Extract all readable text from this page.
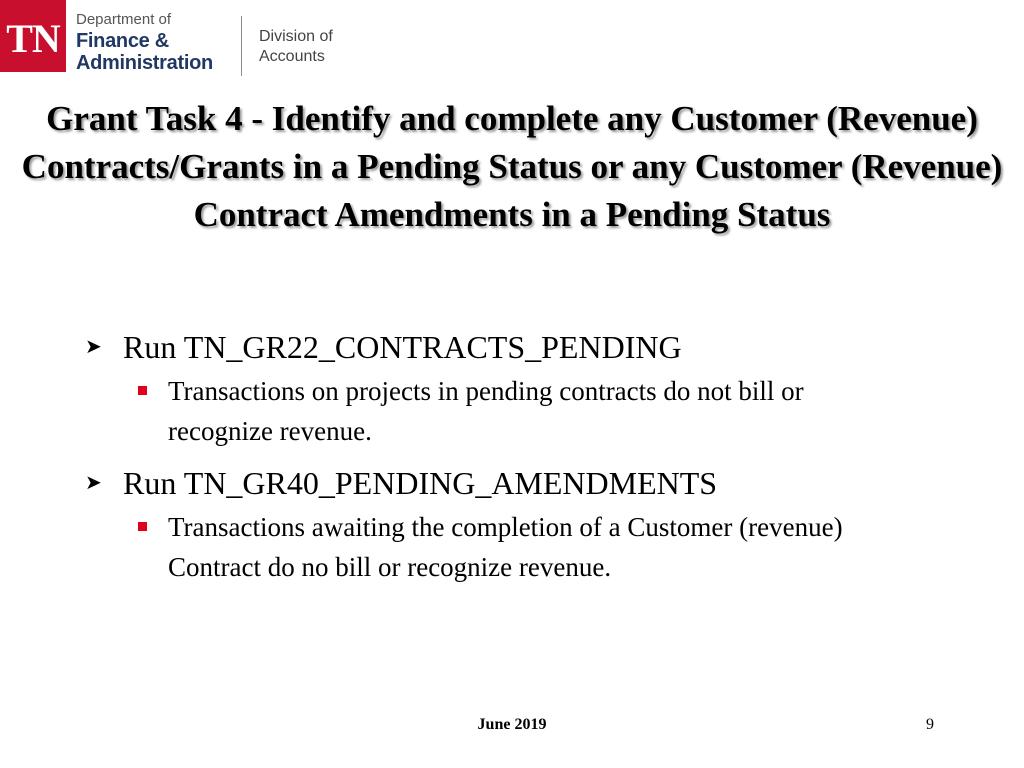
TN	Department of
Finance &
Administration
Division of
Accounts
Grant Task 4 - Identify and complete any Customer (Revenue) Contracts/Grants in a Pending Status or any Customer (Revenue) Contract Amendments in a Pending Status
➤ Run TN_GR22_CONTRACTS_PENDING
Transactions on projects in pending contracts do not bill or recognize revenue.
➤ Run TN_GR40_PENDING_AMENDMENTS
Transactions awaiting the completion of a Customer (revenue) Contract do no bill or recognize revenue.
June 2019	9
